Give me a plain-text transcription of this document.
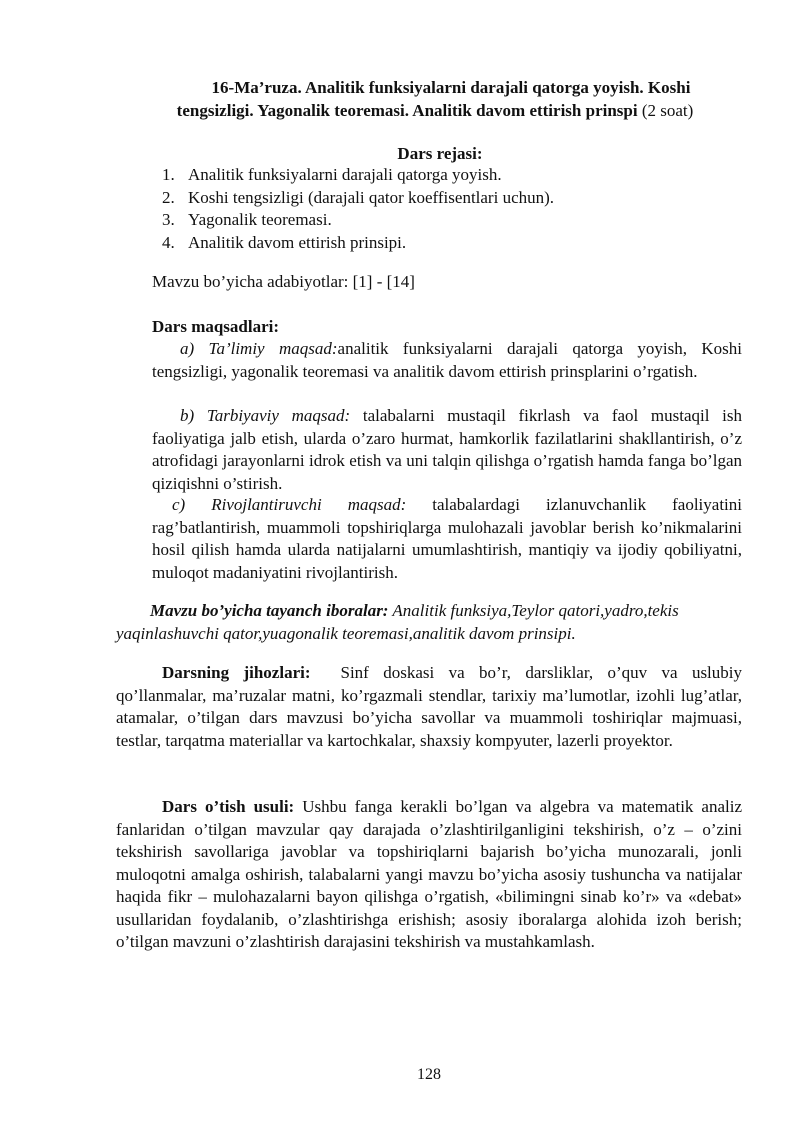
16-Ma’ruza. Analitik funksiyalarni darajali qatorga yoyish. Koshi
tengsizligi. Yagonalik teoremasi. Analitik davom ettirish prinspi (2 soat)
Dars rejasi:
1. Analitik funksiyalarni darajali qatorga yoyish.
2. Koshi tengsizligi (darajali qator koeffisentlari uchun).
3. Yagonalik teoremasi.
4. Analitik davom ettirish prinsipi.
Mavzu bo’yicha adabiyotlar: [1] - [14]
Dars maqsadlari:
a) Ta’limiy maqsad:analitik funksiyalarni darajali qatorga yoyish, Koshi tengsizligi, yagonalik teoremasi va analitik davom ettirish prinsplarini o’rgatish.
b) Tarbiyaviy maqsad: talabalarni mustaqil fikrlash va faol mustaqil ish faoliyatiga jalb etish, ularda o’zaro hurmat, hamkorlik fazilatlarini shakllantirish, o’z atrofidagi jarayonlarni idrok etish va uni talqin qilishga o’rgatish hamda fanga bo’lgan qiziqishni o’stirish.
c) Rivojlantiruvchi maqsad: talabalardagi izlanuvchanlik faoliyatini rag’batlantirish, muammoli topshiriqlarga mulohazali javoblar berish ko’nikmalarini hosil qilish hamda ularda natijalarni umumlashtirish, mantiqiy va ijodiy qobiliyatni, muloqot madaniyatini rivojlantirish.
Mavzu bo’yicha tayanch iboralar: Analitik funksiya,Teylor qatori,yadro,tekis yaqinlashuvchi qator,yuagonalik teoremasi,analitik davom prinsipi.
Darsning jihozlari: Sinf doskasi va bo’r, darsliklar, o’quv va uslubiy qo’llanmalar, ma’ruzalar matni, ko’rgazmali stendlar, tarixiy ma’lumotlar, izohli lug’atlar, atamalar, o’tilgan dars mavzusi bo’yicha savollar va muammoli toshiriqlar majmuasi, testlar, tarqatma materiallar va kartochkalar, shaxsiy kompyuter, lazerli proyektor.
Dars o’tish usuli: Ushbu fanga kerakli bo’lgan va algebra va matematik analiz fanlaridan o’tilgan mavzular qay darajada o’zlashtirilganligini tekshirish, o’z – o’zini tekshirish savollariga javoblar va topshiriqlarni bajarish bo’yicha munozarali, jonli muloqotni amalga oshirish, talabalarni yangi mavzu bo’yicha asosiy tushuncha va natijalar haqida fikr – mulohazalarni bayon qilishga o’rgatish, «bilimingni sinab ko’r» va «debat» usullaridan foydalanib, o’zlashtirishga erishish; asosiy iboralarga alohida izoh berish; o’tilgan mavzuni o’zlashtirish darajasini tekshirish va mustahkamlash.
128
